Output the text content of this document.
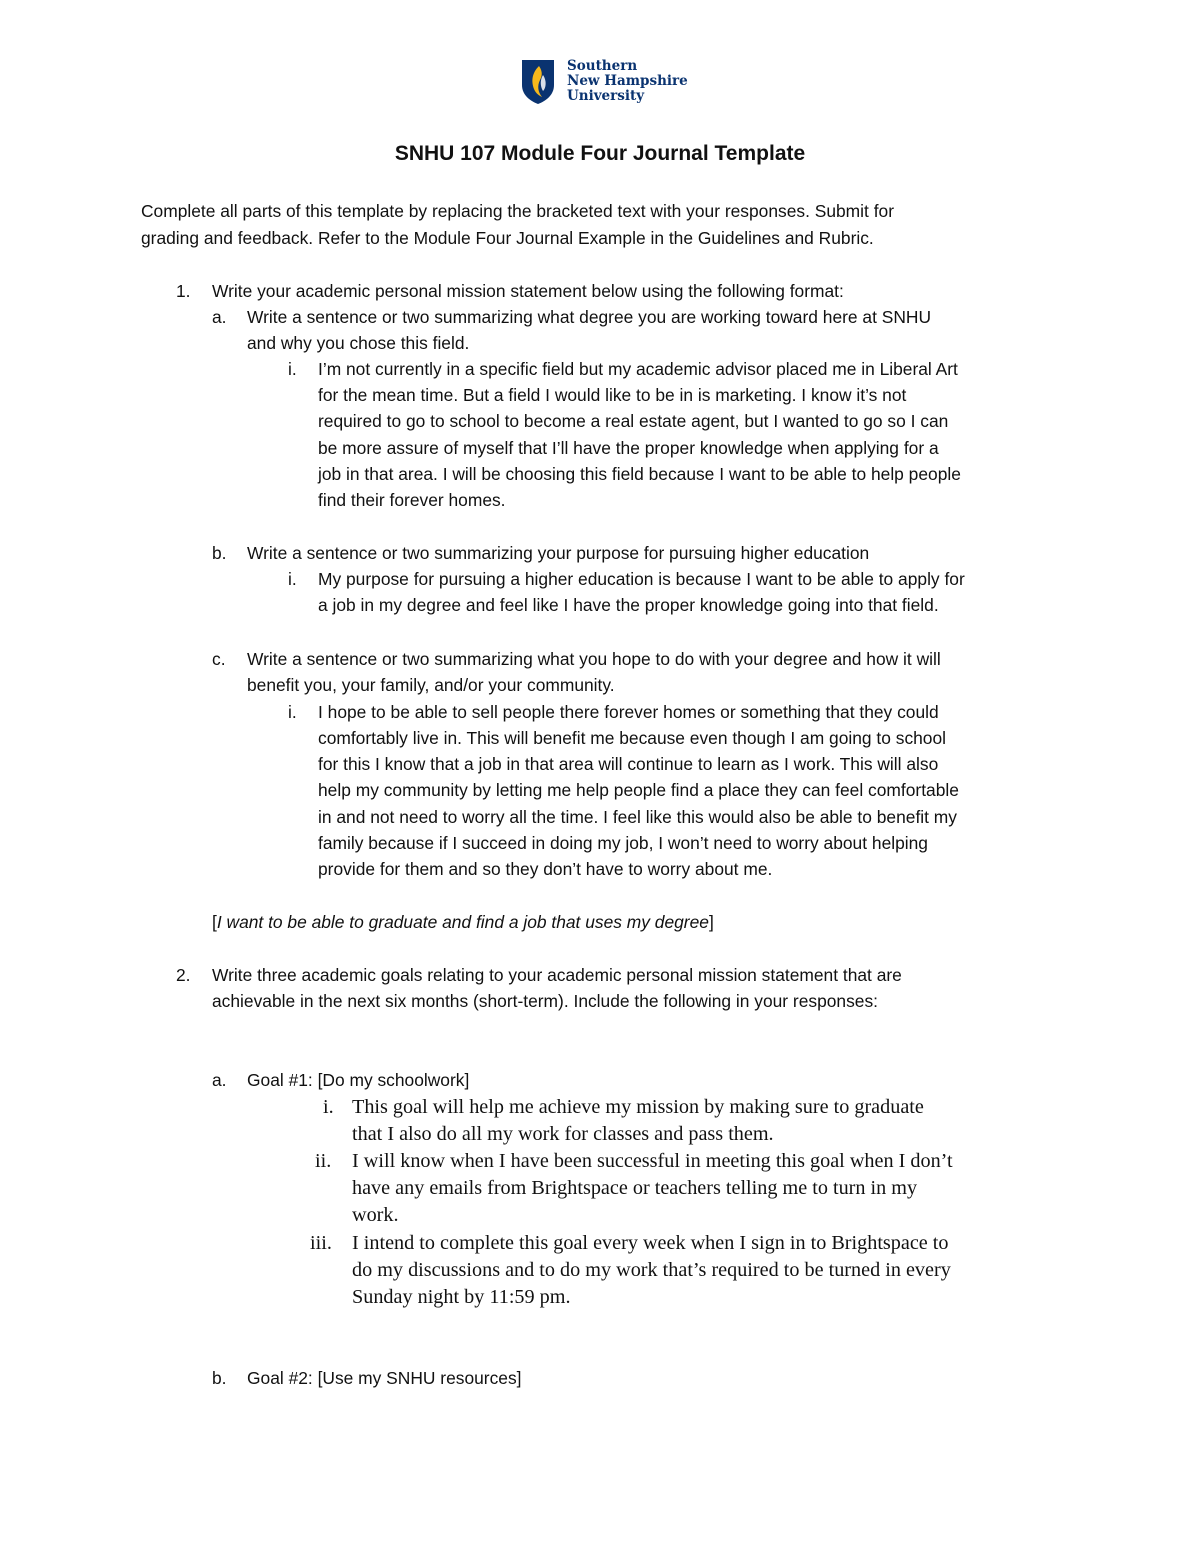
Southern
New Hampshire
University
SNHU 107 Module Four Journal Template
Complete all parts of this template by replacing the bracketed text with your responses. Submit for
grading and feedback. Refer to the Module Four Journal Example in the Guidelines and Rubric.
1. Write your academic personal mission statement below using the following format:
a. Write a sentence or two summarizing what degree you are working toward here at SNHU
and why you chose this field.
i. I’m not currently in a specific field but my academic advisor placed me in Liberal Art
for the mean time. But a field I would like to be in is marketing. I know it’s not
required to go to school to become a real estate agent, but I wanted to go so I can
be more assure of myself that I’ll have the proper knowledge when applying for a
job in that area. I will be choosing this field because I want to be able to help people
find their forever homes.
b. Write a sentence or two summarizing your purpose for pursuing higher education
i. My purpose for pursuing a higher education is because I want to be able to apply for
a job in my degree and feel like I have the proper knowledge going into that field.
c. Write a sentence or two summarizing what you hope to do with your degree and how it will
benefit you, your family, and/or your community.
i. I hope to be able to sell people there forever homes or something that they could
comfortably live in. This will benefit me because even though I am going to school
for this I know that a job in that area will continue to learn as I work. This will also
help my community by letting me help people find a place they can feel comfortable
in and not need to worry all the time. I feel like this would also be able to benefit my
family because if I succeed in doing my job, I won’t need to worry about helping
provide for them and so they don’t have to worry about me.
[I want to be able to graduate and find a job that uses my degree]
2. Write three academic goals relating to your academic personal mission statement that are
achievable in the next six months (short-term). Include the following in your responses:
a. Goal #1: [Do my schoolwork]
i. This goal will help me achieve my mission by making sure to graduate
that I also do all my work for classes and pass them.
ii. I will know when I have been successful in meeting this goal when I don’t
have any emails from Brightspace or teachers telling me to turn in my
work.
iii. I intend to complete this goal every week when I sign in to Brightspace to
do my discussions and to do my work that’s required to be turned in every
Sunday night by 11:59 pm.
b. Goal #2: [Use my SNHU resources]
